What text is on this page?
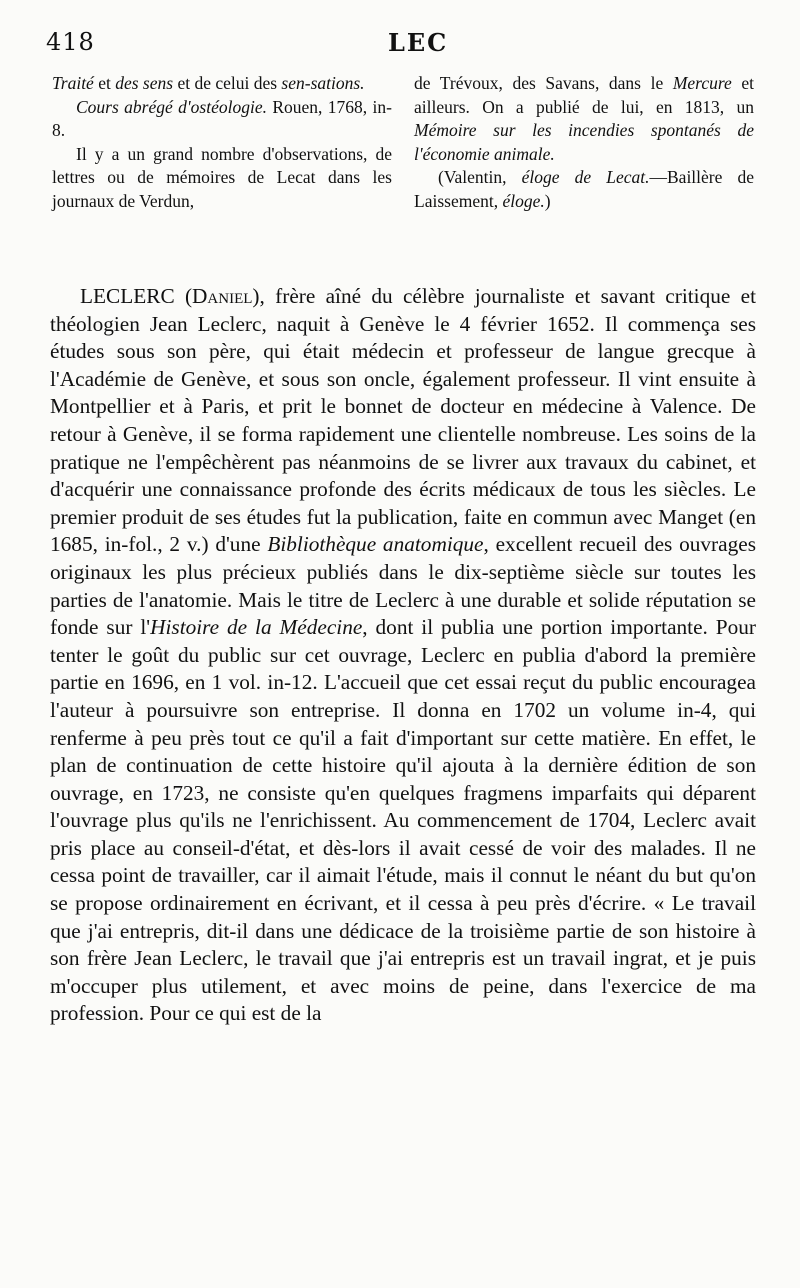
418	LEC

Traité et des sens et de celui des sen-sations.

Cours abrégé d'ostéologie. Rouen, 1768, in-8.

Il y a un grand nombre d'observations, de lettres ou de mémoires de Lecat dans les journaux de Verdun,

de Trévoux, des Savans, dans le Mercure et ailleurs. On a publié de lui, en 1813, un Mémoire sur les incendies spontanés de l'économie animale.

(Valentin, éloge de Lecat.—Baillère de Laissement, éloge.)

LECLERC (Daniel), frère aîné du célèbre journaliste et savant critique et théologien Jean Leclerc, naquit à Genève le 4 février 1652. Il commença ses études sous son père, qui était médecin et professeur de langue grecque à l'Académie de Genève, et sous son oncle, également professeur. Il vint ensuite à Montpellier et à Paris, et prit le bonnet de docteur en médecine à Valence. De retour à Genève, il se forma rapidement une clientelle nombreuse. Les soins de la pratique ne l'empêchèrent pas néanmoins de se livrer aux travaux du cabinet, et d'acquérir une connaissance profonde des écrits médicaux de tous les siècles. Le premier produit de ses études fut la publication, faite en commun avec Manget (en 1685, in-fol., 2 v.) d'une Bibliothèque anatomique, excellent recueil des ouvrages originaux les plus précieux publiés dans le dix-septième siècle sur toutes les parties de l'anatomie. Mais le titre de Leclerc à une durable et solide réputation se fonde sur l'Histoire de la Médecine, dont il publia une portion importante. Pour tenter le goût du public sur cet ouvrage, Leclerc en publia d'abord la première partie en 1696, en 1 vol. in-12. L'accueil que cet essai reçut du public encouragea l'auteur à poursuivre son entreprise. Il donna en 1702 un volume in-4, qui renferme à peu près tout ce qu'il a fait d'important sur cette matière. En effet, le plan de continuation de cette histoire qu'il ajouta à la dernière édition de son ouvrage, en 1723, ne consiste qu'en quelques fragmens imparfaits qui déparent l'ouvrage plus qu'ils ne l'enrichissent. Au commencement de 1704, Leclerc avait pris place au conseil-d'état, et dès-lors il avait cessé de voir des malades. Il ne cessa point de travailler, car il aimait l'étude, mais il connut le néant du but qu'on se propose ordinairement en écrivant, et il cessa à peu près d'écrire. « Le travail que j'ai entrepris, dit-il dans une dédicace de la troisième partie de son histoire à son frère Jean Leclerc, le travail que j'ai entrepris est un travail ingrat, et je puis m'occuper plus utilement, et avec moins de peine, dans l'exercice de ma profession. Pour ce qui est de la
